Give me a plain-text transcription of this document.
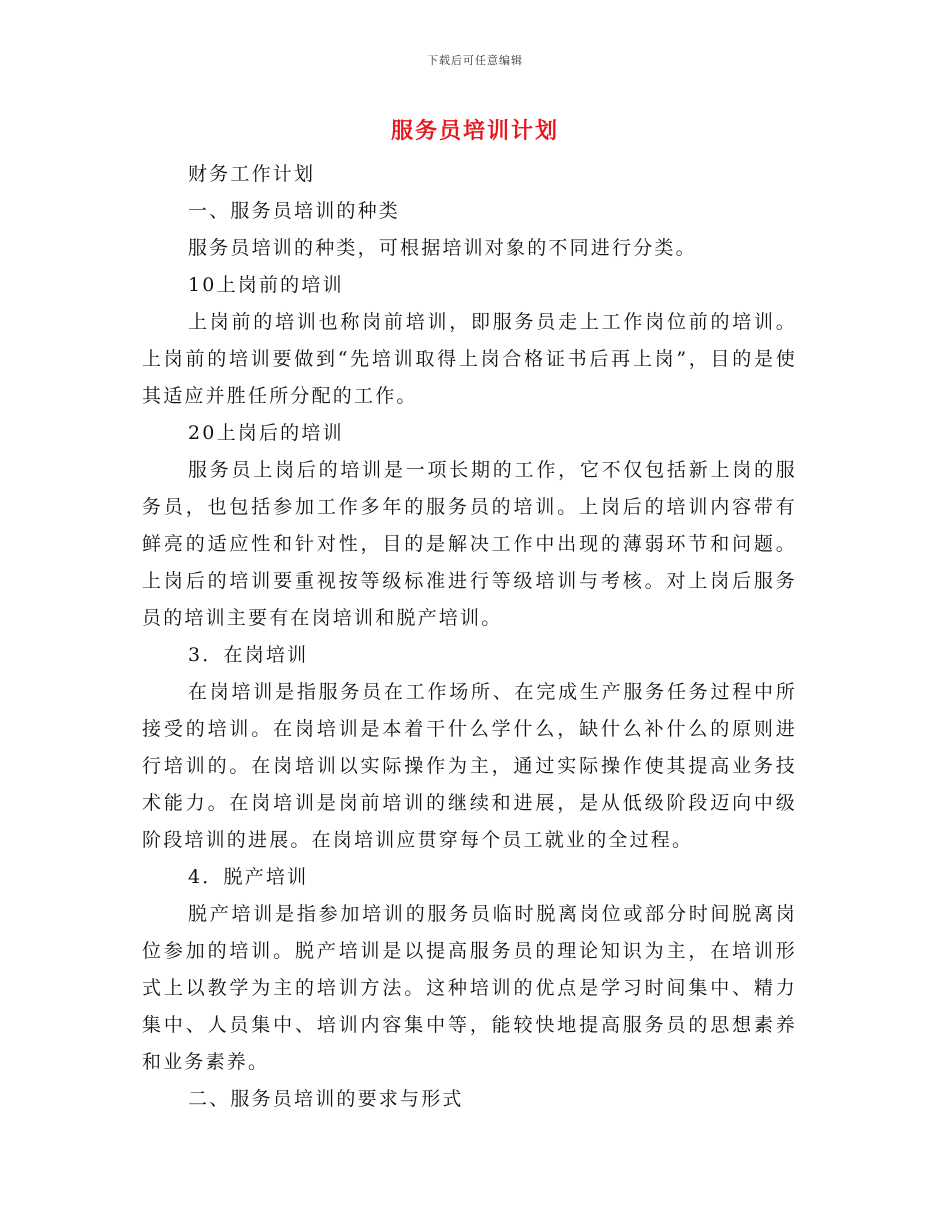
下载后可任意编辑
服务员培训计划

财务工作计划

一、服务员培训的种类

服务员培训的种类，可根据培训对象的不同进行分类。

10上岗前的培训

上岗前的培训也称岗前培训，即服务员走上工作岗位前的培训。上岗前的培训要做到“先培训取得上岗合格证书后再上岗”，目的是使其适应并胜任所分配的工作。

20上岗后的培训

服务员上岗后的培训是一项长期的工作，它不仅包括新上岗的服务员，也包括参加工作多年的服务员的培训。上岗后的培训内容带有鲜亮的适应性和针对性，目的是解决工作中出现的薄弱环节和问题。上岗后的培训要重视按等级标准进行等级培训与考核。对上岗后服务员的培训主要有在岗培训和脱产培训。

3．在岗培训

在岗培训是指服务员在工作场所、在完成生产服务任务过程中所接受的培训。在岗培训是本着干什么学什么，缺什么补什么的原则进行培训的。在岗培训以实际操作为主，通过实际操作使其提高业务技术能力。在岗培训是岗前培训的继续和进展，是从低级阶段迈向中级阶段培训的进展。在岗培训应贯穿每个员工就业的全过程。

4．脱产培训

脱产培训是指参加培训的服务员临时脱离岗位或部分时间脱离岗位参加的培训。脱产培训是以提高服务员的理论知识为主，在培训形式上以教学为主的培训方法。这种培训的优点是学习时间集中、精力集中、人员集中、培训内容集中等，能较快地提高服务员的思想素养和业务素养。

二、服务员培训的要求与形式
